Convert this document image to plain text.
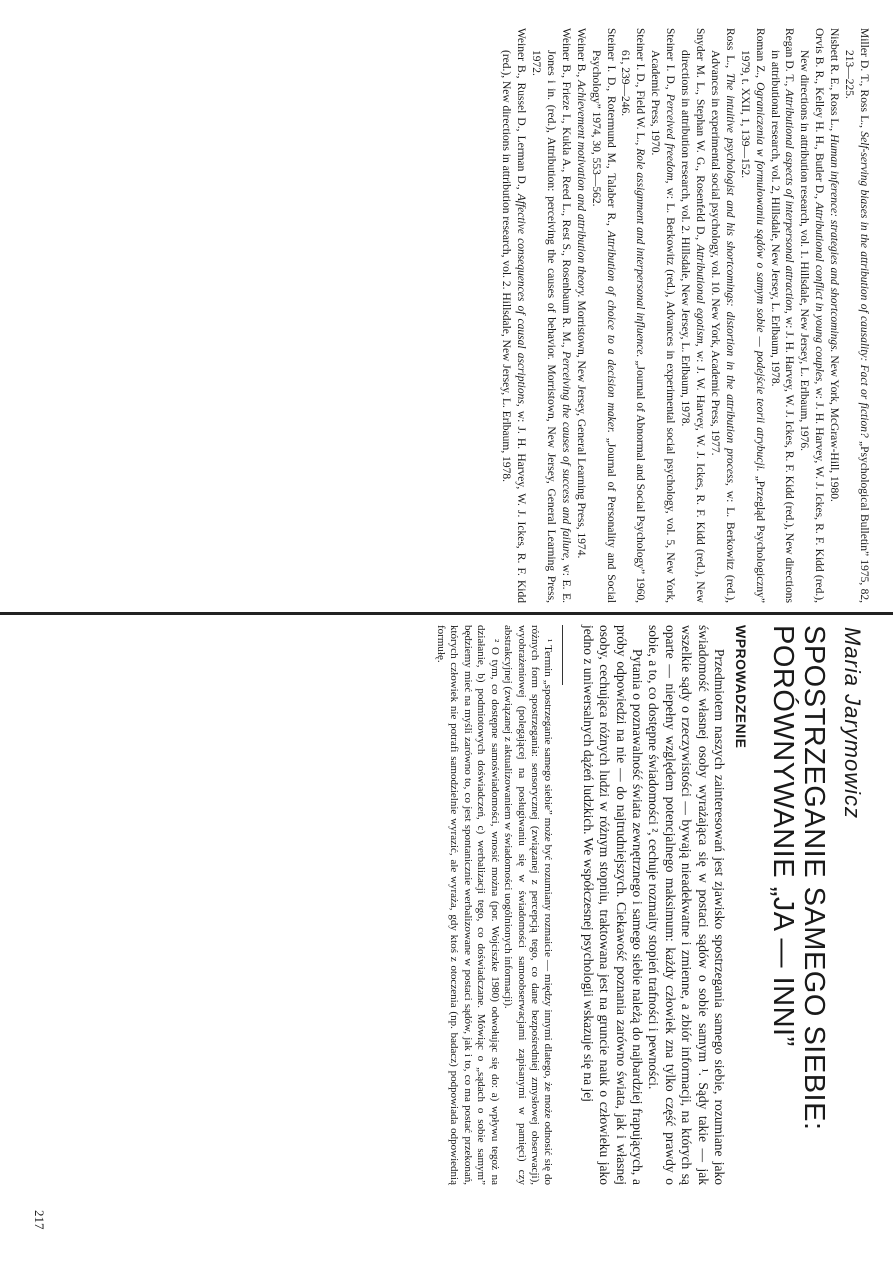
Miller D. T., Ross L., Self-serving biases in the attribution of causality: Fact or fiction? „Psychological Bulletin” 1975, 82, 213—225.

Nisbett R. E., Ross L., Human inference: strategies and shortcomings. New York, McGraw-Hill, 1980.

Orvis B. R., Kelley H. H., Butler D., Attributional conflict in young couples, w: J. H. Harvey, W. J. Ickes, R. F. Kidd (red.), New directions in attribution research, vol. 1. Hillsdale, New Jersey, L. Erlbaum, 1976.

Regan D. T., Attributional aspects of interpersonal attraction, w: J. H. Harvey, W. J. Ickes, R. F. Kidd (red.), New directions in attributional research, vol. 2, Hillsdale, New Jersey, L. Erlbaum, 1978.

Roman Z., Ograniczenia w formułowaniu sądów o samym sobie — podejście teorii atrybucji. „Przegląd Psychologiczny” 1979, t. XXII, 1, 139—152.

Ross L., The intuitive psychologist and his shortcomings: distortion in the attribution process, w: L. Berkowitz (red.), Advances in experimental social psychology, vol. 10. New York, Academic Press, 1977.

Snyder M. L., Stephan W. G., Rosenfeld D., Attributional egotism, w: J. W. Harvey, W. J. Ickes, R. F. Kidd (red.), New directions in attribution research, vol. 2. Hillsdale, New Jersey, L. Erlbaum, 1978.

Steiner I. D., Perceived freedom, w: L. Berkowitz (red.), Advances in experimental social psychology, vol. 5, New York, Academic Press, 1970.

Steiner I. D., Field W. L., Role assignment and interpersonal influence. „Journal of Abnormal and Social Psychology” 1960, 61, 239—246.

Steiner I. D., Rotermund M., Talaber R., Attribution of choice to a decision maker. „Journal of Personality and Social Psychology” 1974, 30, 553—562.

Weiner B., Achievement motivation and attribution theory. Morristown, New Jersey, General Learning Press, 1974.

Weiner B., Frieze I., Kukla A., Reed L., Rest S., Rosenbaum R. M., Perceiving the causes of success and failure, w: E. E. Jones i in. (red.), Attribution: perceiving the causes of behavior. Morristown, New Jersey, General Learning Press, 1972.

Weiner B., Russel D., Lerman D., Affective consequences of causal ascriptions, w: J. H. Harvey, W. J. Ickes, R. F. Kidd (red.), New directions in attribution research, vol. 2. Hillsdale, New Jersey, L. Erlbaum, 1978.

Maria Jarymowicz
SPOSTRZEGANIE SAMEGO SIEBIE:
PORÓWNYWANIE „JA — INNI”
WPROWADZENIE

Przedmiotem naszych zainteresowań jest zjawisko spostrzegania samego siebie, rozumiane jako świadomość własnej osoby wyrażająca się w postaci sądów o sobie samym ¹. Sądy takie — jak wszelkie sądy o rzeczywistości — bywają nieadekwatne i zmienne, a zbiór informacji, na których są oparte — niepełny względem potencjalnego maksimum: każdy człowiek zna tylko część prawdy o sobie, a to, co dostępne świadomości ², cechuje rozmaity stopień trafności i pewności.

Pytania o poznawalność świata zewnętrznego i samego siebie należą do najbardziej frapujących, a próby odpowiedzi na nie — do najtrudniejszych. Ciekawość poznania zarówno świata, jak i własnej osoby, cechująca różnych ludzi w różnym stopniu, traktowana jest na gruncie nauk o człowieku jako jedno z uniwersalnych dążeń ludzkich. We współczesnej psychologii wskazuje się na jej

¹ Termin „spostrzeganie samego siebie” może być rozumiany rozmaicie — między innymi dlatego, że może odnosić się do różnych form spostrzegania: sensorycznej (związanej z percepcją tego, co dane bezpośredniej zmysłowej obserwacji), wyobrażeniowej (polegającej na posługiwaniu się w świadomości samoobserwacjami zapisanymi w pamięci) czy abstrakcyjnej (związanej z aktualizowaniem w świadomości uogólnionych informacji).

² O tym, co dostępne samoświadomości, wnosić można (por. Wojciszke 1980) odwołując się do: a) wpływu tegoż na działanie, b) podmiotowych doświadczeń, c) werbalizacji tego, co doświadczane. Mówiąc o „sądach o sobie samym” będziemy mieć na myśli zarówno to, co jest spontanicznie werbalizowane w postaci sądów, jak i to, co ma postać przekonań, których człowiek nie potrafi samodzielnie wyrazić, ale wyraża, gdy ktoś z otoczenia (np. badacz) podpowiada odpowiednią formułę.

217
